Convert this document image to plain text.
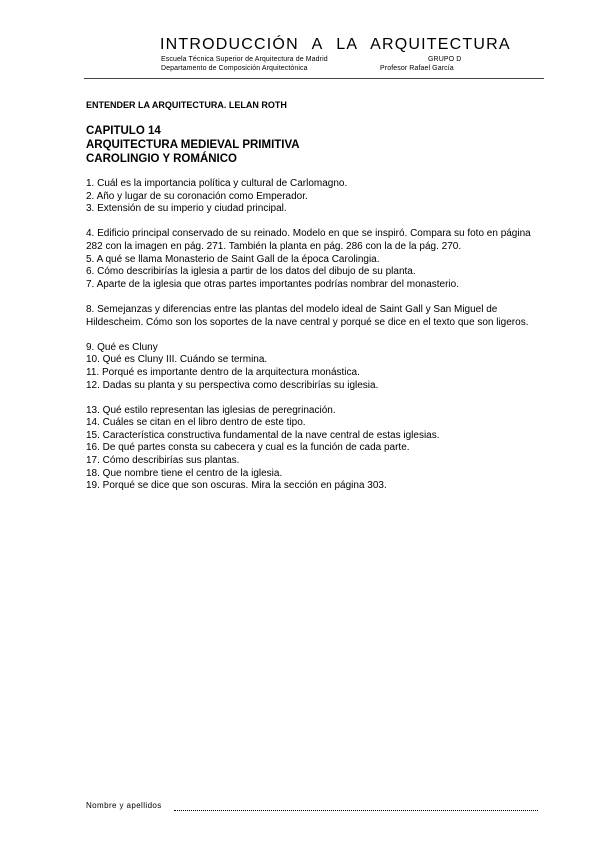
INTRODUCCIÓN A LA ARQUITECTURA
Escuela Técnica Superior de Arquitectura de Madrid	GRUPO D
Departamento de Composición Arquitectónica	Profesor Rafael García
ENTENDER LA ARQUITECTURA. LELAN ROTH
CAPITULO 14
ARQUITECTURA MEDIEVAL PRIMITIVA
CAROLINGIO Y ROMÁNICO
1. Cuál es la importancia política y cultural de Carlomagno.
2. Año y lugar de su coronación como Emperador.
3. Extensión de su imperio y ciudad principal.
4. Edificio principal conservado de su reinado. Modelo en que se inspiró. Compara su foto en página 282 con la imagen en pág. 271. También la planta en pág. 286 con la de la pág. 270.
5. A qué se llama Monasterio de Saint Gall de la época Carolingia.
6. Cómo describirías la iglesia a partir de los datos del dibujo de su planta.
7. Aparte de la iglesia que otras partes importantes podrías nombrar del monasterio.
8. Semejanzas y diferencias entre las plantas del modelo ideal de Saint Gall y San Miguel de Hildescheim. Cómo son los soportes de la nave central y porqué se dice en el texto que son ligeros.
9. Qué es Cluny
10. Qué es Cluny III. Cuándo se termina.
11. Porqué es importante dentro de la arquitectura monástica.
12. Dadas su planta y su perspectiva como describirías su iglesia.
13. Qué estilo representan las iglesias de peregrinación.
14. Cuáles se citan en el libro dentro de este tipo.
15. Característica constructiva fundamental de la nave central de estas iglesias.
16. De qué partes consta su cabecera y cual es la función de cada parte.
17. Cómo describirías sus plantas.
18. Que nombre tiene el centro de la iglesia.
19. Porqué se dice que son oscuras. Mira la sección en página 303.
Nombre y apellidos
